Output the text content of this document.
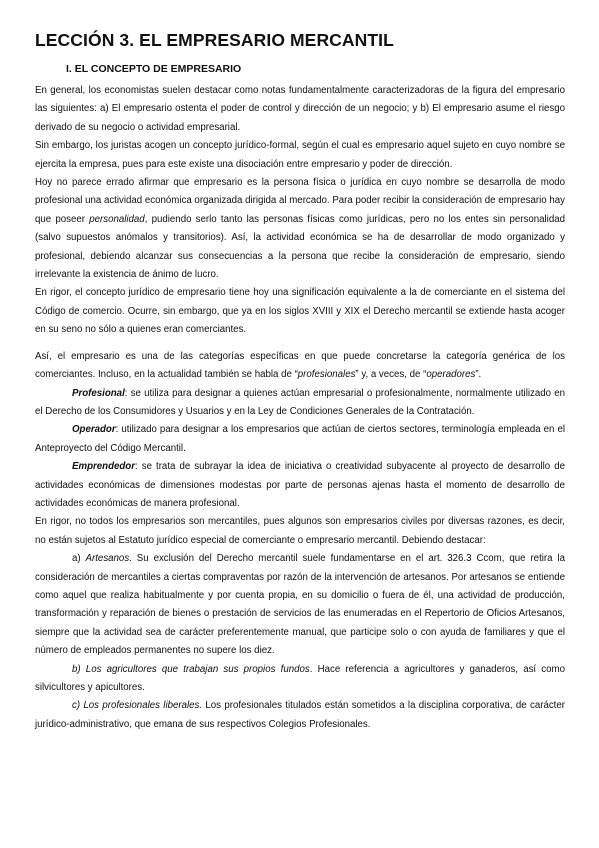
LECCIÓN 3. EL EMPRESARIO MERCANTIL
I. EL CONCEPTO DE EMPRESARIO

En general, los economistas suelen destacar como notas fundamentalmente caracterizadoras de la figura del empresario las siguientes: a) El empresario ostenta el poder de control y dirección de un negocio; y b) El empresario asume el riesgo derivado de su negocio o actividad empresarial.

Sin embargo, los juristas acogen un concepto jurídico-formal, según el cual es empresario aquel sujeto en cuyo nombre se ejercita la empresa, pues para este existe una disociación entre empresario y poder de dirección.

Hoy no parece errado afirmar que empresario es la persona física o jurídica en cuyo nombre se desarrolla de modo profesional una actividad económica organizada dirigida al mercado. Para poder recibir la consideración de empresario hay que poseer personalidad, pudiendo serlo tanto las personas físicas como jurídicas, pero no los entes sin personalidad (salvo supuestos anómalos y transitorios). Así, la actividad económica se ha de desarrollar de modo organizado y profesional, debiendo alcanzar sus consecuencias a la persona que recibe la consideración de empresario, siendo irrelevante la existencia de ánimo de lucro.

En rigor, el concepto jurídico de empresario tiene hoy una significación equivalente a la de comerciante en el sistema del Código de comercio. Ocurre, sin embargo, que ya en los siglos XVIII y XIX el Derecho mercantil se extiende hasta acoger en su seno no sólo a quienes eran comerciantes.

Así, el empresario es una de las categorías específicas en que puede concretarse la categoría genérica de los comerciantes. Incluso, en la actualidad también se habla de “profesionales” y, a veces, de “operadores”.

Profesional: se utiliza para designar a quienes actúan empresarial o profesionalmente, normalmente utilizado en el Derecho de los Consumidores y Usuarios y en la Ley de Condiciones Generales de la Contratación.

Operador: utilizado para designar a los empresarios que actúan de ciertos sectores, terminología empleada en el Anteproyecto del Código Mercantil.

Emprendedor: se trata de subrayar la idea de iniciativa o creatividad subyacente al proyecto de desarrollo de actividades económicas de dimensiones modestas por parte de personas ajenas hasta el momento de desarrollo de actividades económicas de manera profesional.

En rigor, no todos los empresarios son mercantiles, pues algunos son empresarios civiles por diversas razones, es decir, no están sujetos al Estatuto jurídico especial de comerciante o empresario mercantil. Debiendo destacar:

a) Artesanos. Su exclusión del Derecho mercantil suele fundamentarse en el art. 326.3 Ccom, que retira la consideración de mercantiles a ciertas compraventas por razón de la intervención de artesanos. Por artesanos se entiende como aquel que realiza habitualmente y por cuenta propia, en su domicilio o fuera de él, una actividad de producción, transformación y reparación de bienes o prestación de servicios de las enumeradas en el Repertorio de Oficios Artesanos, siempre que la actividad sea de carácter preferentemente manual, que participe solo o con ayuda de familiares y que el número de empleados permanentes no supere los diez.

b) Los agricultores que trabajan sus propios fundos. Hace referencia a agricultores y ganaderos, así como silvicultores y apicultores.

c) Los profesionales liberales. Los profesionales titulados están sometidos a la disciplina corporativa, de carácter jurídico-administrativo, que emana de sus respectivos Colegios Profesionales.
